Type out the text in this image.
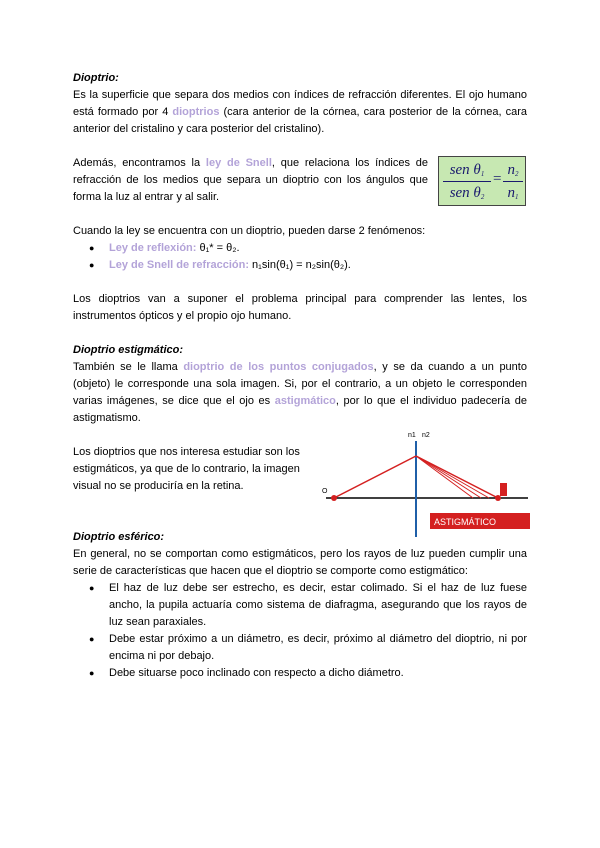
Dioptrio:

Es la superficie que separa dos medios con índices de refracción diferentes. El ojo humano está formado por 4 dioptrios (cara anterior de la córnea, cara posterior de la córnea, cara anterior del cristalino y cara posterior del cristalino).

Además, encontramos la ley de Snell, que relaciona los índices de refracción de los medios que separa un dioptrio con los ángulos que forma la luz al entrar y al salir.

sen $\theta_1$
sen $\theta_2$
=
$n_2$
$n_1$

Cuando la ley se encuentra con un dioptrio, pueden darse 2 fenómenos:

● Ley de reflexión: θ₁* = θ₂.
● Ley de Snell de refracción: n₁sin(θ₁) = n₂sin(θ₂).

Los dioptrios van a suponer el problema principal para comprender las lentes, los instrumentos ópticos y el propio ojo humano.

Dioptrio estigmático:

También se le llama dioptrio de los puntos conjugados, y se da cuando a un punto (objeto) le corresponde una sola imagen. Si, por el contrario, a un objeto le corresponden varias imágenes, se dice que el ojo es astigmático, por lo que el individuo padecería de astigmatismo.

Los dioptrios que nos interesa estudiar son los estigmáticos, ya que de lo contrario, la imagen visual no se produciría en la retina.

n1 n2
O
ASTIGMÁTICO

Dioptrio esférico:

En general, no se comportan como estigmáticos, pero los rayos de luz pueden cumplir una serie de características que hacen que el dioptrio se comporte como estigmático:

● El haz de luz debe ser estrecho, es decir, estar colimado. Si el haz de luz fuese ancho, la pupila actuaría como sistema de diafragma, asegurando que los rayos de luz sean paraxiales.
● Debe estar próximo a un diámetro, es decir, próximo al diámetro del dioptrio, ni por encima ni por debajo.
● Debe situarse poco inclinado con respecto a dicho diámetro.
